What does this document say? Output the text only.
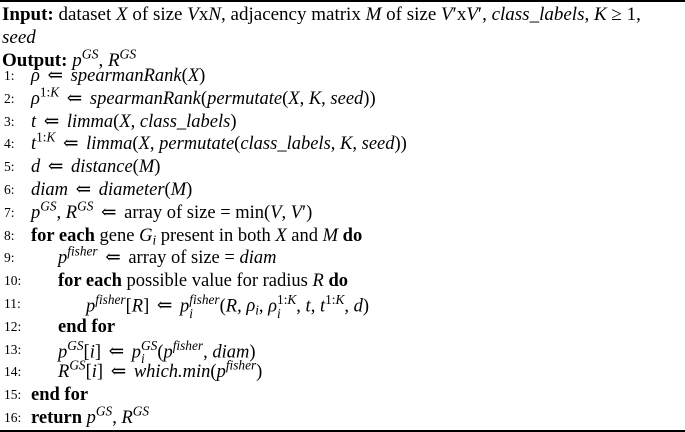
Input: dataset X of size VxN, adjacency matrix M of size V′xV′, class_labels, K ≥ 1,
seed
Output: $p^{GS}$, $R^{GS}$
1: ρ ⇐ spearmanRank(X)
2: $\rho^{1:K}$ ⇐ spearmanRank(permutate(X, K, seed))
3: t ⇐ limma(X, class_labels)
4: $t^{1:K}$ ⇐ limma(X, permutate(class_labels, K, seed))
5: d ⇐ distance(M)
6: diam ⇐ diameter(M)
7: $p^{GS}$, $R^{GS}$ ⇐ array of size = min(V, V′)
8: for each gene $G_i$ present in both X and M do
9:	$p^{fisher}$ ⇐ array of size = diam
10:	for each possible value for radius R do
11:	$p^{fisher}[R]$ ⇐ p fisher
i	(R, $\rho_i$, ρ 1:K
i , t, $t^{1:K}$, d)
12:	end for
13:	$p^{GS}[i]$ ⇐ p GS
i ($p^{fisher}$, diam)
14:	$R^{GS}[i]$ ⇐ $which.\min(p^{fisher})$
15: end for
16: return $p^{GS}$, $R^{GS}$
